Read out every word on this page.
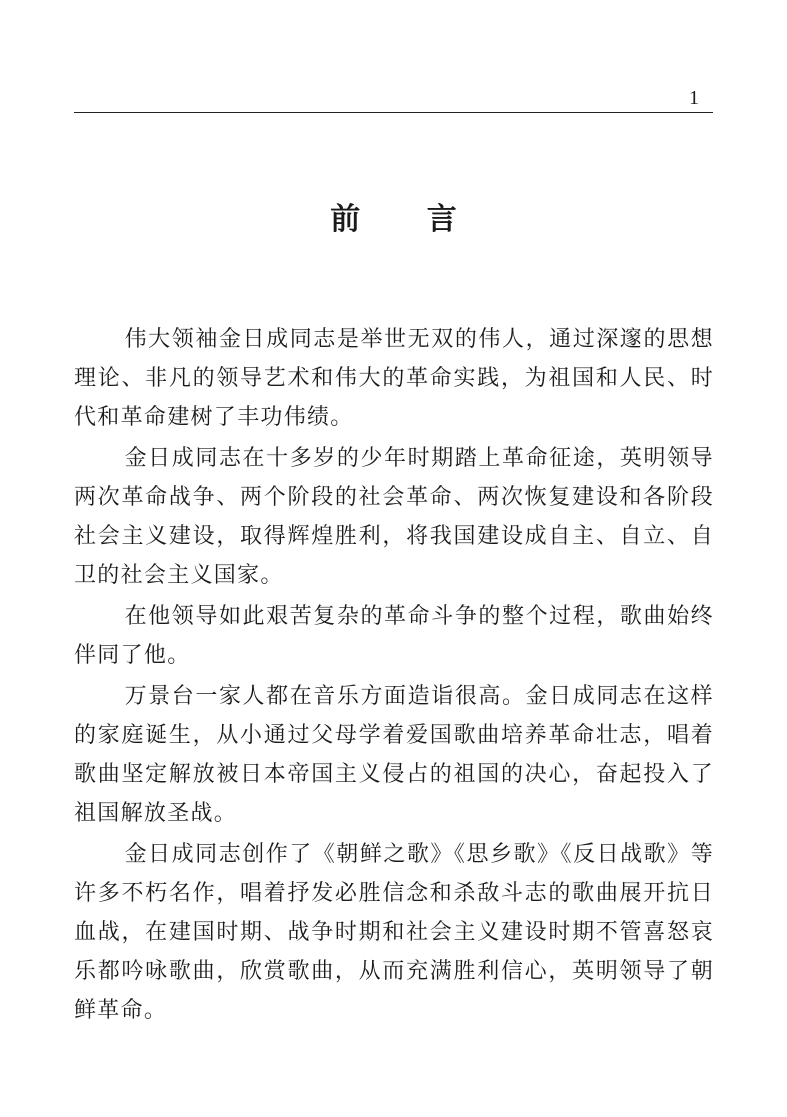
1
前 言

伟大领袖金日成同志是举世无双的伟人，通过深邃的思想理论、非凡的领导艺术和伟大的革命实践，为祖国和人民、时代和革命建树了丰功伟绩。

金日成同志在十多岁的少年时期踏上革命征途，英明领导两次革命战争、两个阶段的社会革命、两次恢复建设和各阶段社会主义建设，取得辉煌胜利，将我国建设成自主、自立、自卫的社会主义国家。

在他领导如此艰苦复杂的革命斗争的整个过程，歌曲始终伴同了他。

万景台一家人都在音乐方面造诣很高。金日成同志在这样的家庭诞生，从小通过父母学着爱国歌曲培养革命壮志，唱着歌曲坚定解放被日本帝国主义侵占的祖国的决心，奋起投入了祖国解放圣战。

金日成同志创作了《朝鲜之歌》《思乡歌》《反日战歌》等许多不朽名作，唱着抒发必胜信念和杀敌斗志的歌曲展开抗日血战，在建国时期、战争时期和社会主义建设时期不管喜怒哀乐都吟咏歌曲，欣赏歌曲，从而充满胜利信心，英明领导了朝鲜革命。
